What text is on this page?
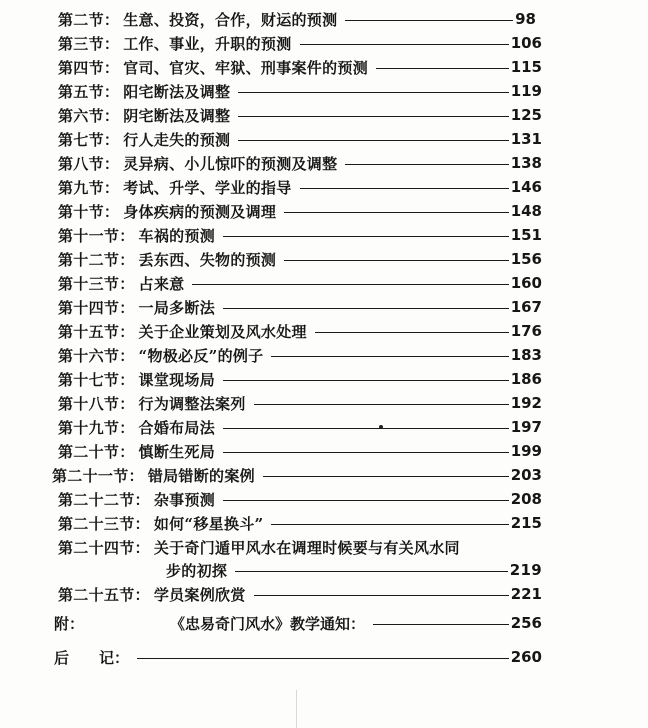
第二节： 生意、投资，合作，财运的预测	98
第三节： 工作、事业，升职的预测	106
第四节： 官司、官灾、牢狱、刑事案件的预测	115
第五节： 阳宅断法及调整	119
第六节： 阴宅断法及调整	125
第七节： 行人走失的预测	131
第八节： 灵异病、小儿惊吓的预测及调整	138
第九节： 考试、升学、学业的指导	146
第十节： 身体疾病的预测及调理	148
第十一节： 车祸的预测	151
第十二节： 丢东西、失物的预测	156
第十三节： 占来意	160
第十四节： 一局多断法	167
第十五节： 关于企业策划及风水处理	176
第十六节： “物极必反”的例子	183
第十七节： 课堂现场局	186
第十八节： 行为调整法案列	192
第十九节： 合婚布局法	197
第二十节： 慎断生死局	199
第二十一节： 错局错断的案例	203
第二十二节： 杂事预测	208
第二十三节： 如何“移星换斗”	215
第二十四节： 关于奇门遁甲风水在调理时候要与有关风水同
步的初探	219
第二十五节： 学员案例欣赏	221
附：	《忠易奇门风水》教学通知：	256
后　　记：	260
